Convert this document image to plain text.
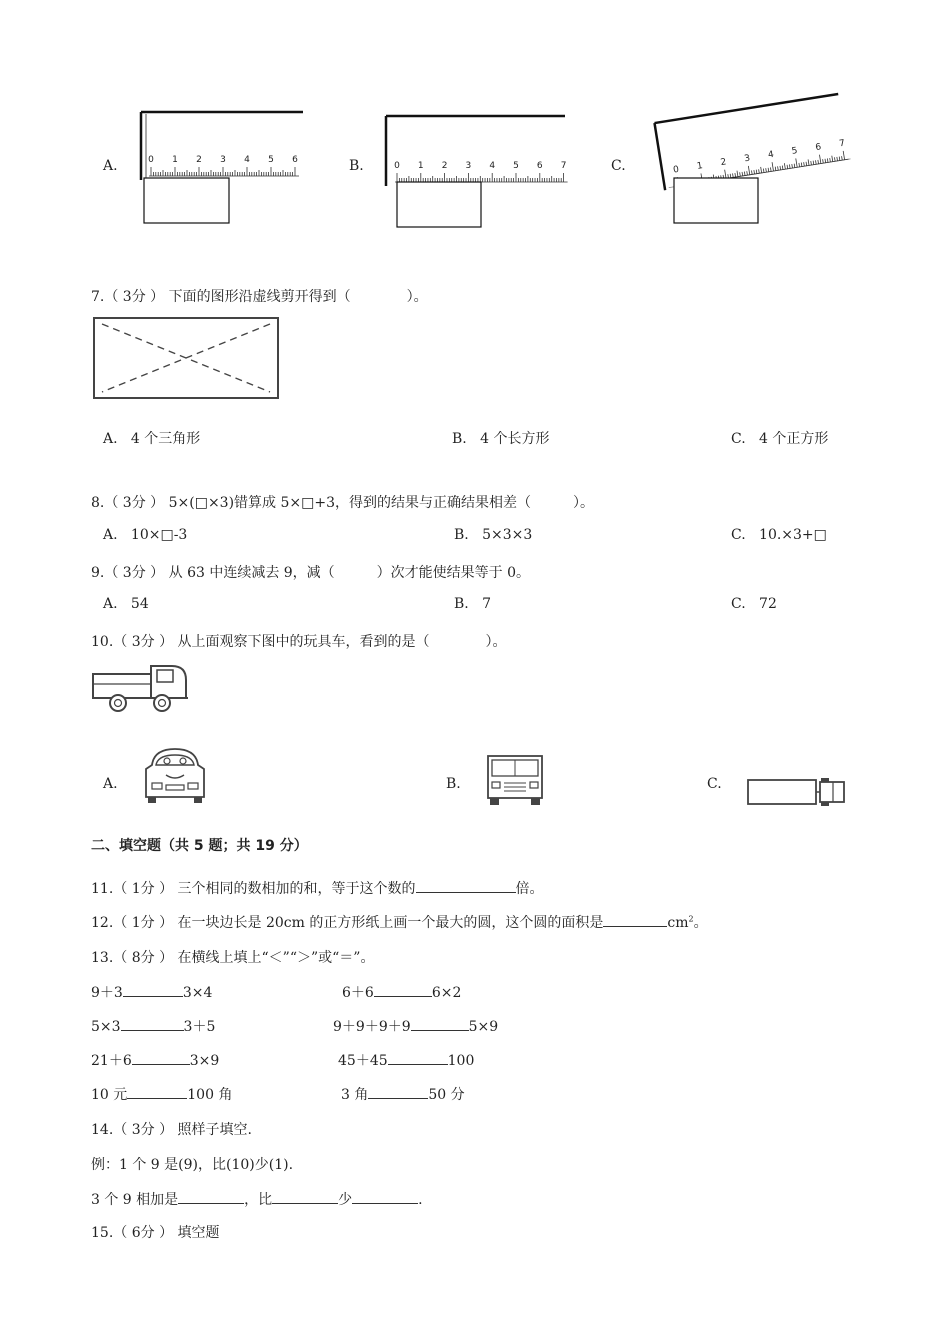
A.	B.	C.
0 1 2 3 4 5 6
0 1 2 3 4 5 6 7	0 1 2 3 4 5 6 7
7.（ 3分 ） 下面的图形沿虚线剪开得到（　　　　）。
A. 4 个三角形	B. 4 个长方形	C. 4 个正方形
8.（ 3分 ） 5×(□×3)错算成 5×□+3，得到的结果与正确结果相差（　　　）。
A. 10×□-3	B. 5×3×3	C. 10.×3+□
9.（ 3分 ） 从 63 中连续减去 9，减（　　　）次才能使结果等于 0。
A. 54	B. 7	C. 72
10.（ 3分 ） 从上面观察下图中的玩具车，看到的是（　　　　）。
A.	B.	C.
二、填空题（共 5 题；共 19 分）
11.（ 1分 ） 三个相同的数相加的和，等于这个数的	倍。
12.（ 1分 ） 在一块边长是 20cm 的正方形纸上画一个最大的圆，这个圆的面积是	$cm^2$。
13.（ 8分 ） 在横线上填上“＜”“＞”或“＝”。
9＋3	3×4	6＋6	6×2
5×3	3＋5	9＋9＋9＋9	5×9
21＋6	3×9	45＋45	100
10 元	100 角	3 角	50 分
14.（ 3分 ） 照样子填空.
例：1 个 9 是(9)，比(10)少(1).
3 个 9 相加是	，比	少	.
15.（ 6分 ） 填空题
